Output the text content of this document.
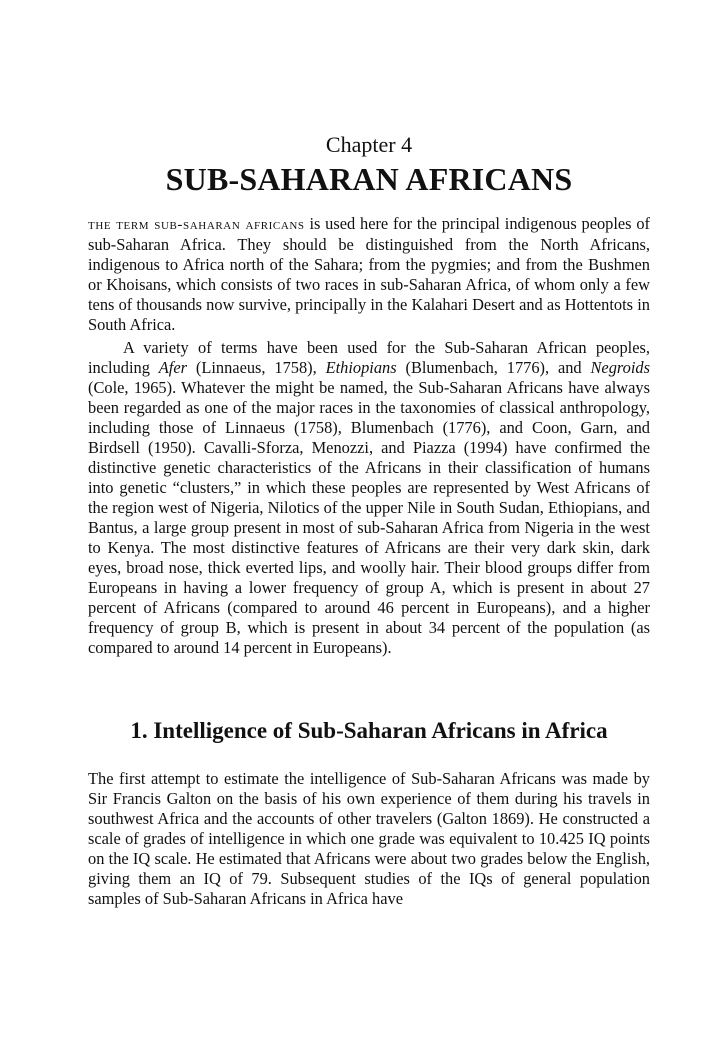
Chapter 4
SUB-SAHARAN AFRICANS

the term sub-saharan africans is used here for the principal indigenous peoples of sub-Saharan Africa. They should be distinguished from the North Africans, indigenous to Africa north of the Sahara; from the pygmies; and from the Bushmen or Khoisans, which consists of two races in sub-Saharan Africa, of whom only a few tens of thousands now survive, principally in the Kalahari Desert and as Hottentots in South Africa.

A variety of terms have been used for the Sub-Saharan African peoples, including Afer (Linnaeus, 1758), Ethiopians (Blumenbach, 1776), and Negroids (Cole, 1965). Whatever the might be named, the Sub-Saharan Africans have always been regarded as one of the major races in the taxonomies of classical anthropology, including those of Linnaeus (1758), Blumenbach (1776), and Coon, Garn, and Birdsell (1950). Cavalli-Sforza, Menozzi, and Piazza (1994) have confirmed the distinctive genetic characteristics of the Africans in their classification of humans into genetic “clusters,” in which these peoples are represented by West Africans of the region west of Nigeria, Nilotics of the upper Nile in South Sudan, Ethiopians, and Bantus, a large group present in most of sub-Saharan Africa from Nigeria in the west to Kenya. The most distinctive features of Africans are their very dark skin, dark eyes, broad nose, thick everted lips, and woolly hair. Their blood groups differ from Europeans in having a lower frequency of group A, which is present in about 27 percent of Africans (compared to around 46 percent in Europeans), and a higher frequency of group B, which is present in about 34 percent of the population (as compared to around 14 percent in Europeans).

1. Intelligence of Sub-Saharan Africans in Africa

The first attempt to estimate the intelligence of Sub-Saharan Africans was made by Sir Francis Galton on the basis of his own experience of them during his travels in southwest Africa and the accounts of other travelers (Galton 1869). He constructed a scale of grades of intelligence in which one grade was equivalent to 10.425 IQ points on the IQ scale. He estimated that Africans were about two grades below the English, giving them an IQ of 79. Subsequent studies of the IQs of general population samples of Sub-Saharan Africans in Africa have
